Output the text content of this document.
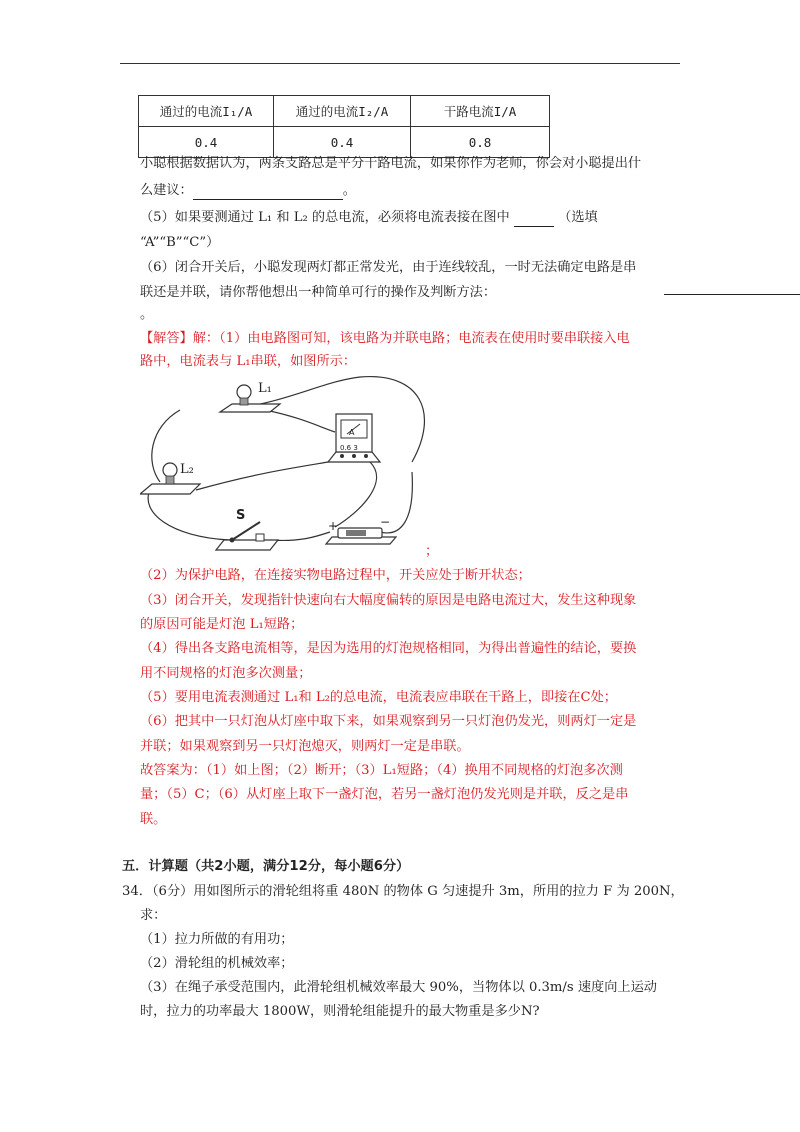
通过的电流I₁/A	通过的电流I₂/A	干路电流I/A
0.4	0.4	0.8
小聪根据数据认为，两条支路总是平分干路电流，如果你作为老师，你会对小聪提出什
么建议：	。
（5）如果要测通过 L₁ 和 L₂ 的总电流，必须将电流表接在图中	（选填
“A”“B”“C”）
（6）闭合开关后，小聪发现两灯都正常发光，由于连线较乱，一时无法确定电路是串
联还是并联，请你帮他想出一种简单可行的操作及判断方法：
。
【解答】解：（1）由电路图可知，该电路为并联电路；电流表在使用时要串联接入电
路中，电流表与 L₁串联，如图所示：
L₁
L₂
A
0.6 3
S
+	−
；
（2）为保护电路，在连接实物电路过程中，开关应处于断开状态；
（3）闭合开关，发现指针快速向右大幅度偏转的原因是电路电流过大，发生这种现象
的原因可能是灯泡 L₁短路；
（4）得出各支路电流相等，是因为选用的灯泡规格相同，为得出普遍性的结论，要换
用不同规格的灯泡多次测量；
（5）要用电流表测通过 L₁和 L₂的总电流，电流表应串联在干路上，即接在C处；
（6）把其中一只灯泡从灯座中取下来，如果观察到另一只灯泡仍发光，则两灯一定是
并联；如果观察到另一只灯泡熄灭，则两灯一定是串联。
故答案为：（1）如上图；（2）断开；（3）L₁短路；（4）换用不同规格的灯泡多次测
量；（5）C；（6）从灯座上取下一盏灯泡，若另一盏灯泡仍发光则是并联，反之是串
联。
五．计算题（共2小题，满分12分，每小题6分）
34．（6分）用如图所示的滑轮组将重 480N 的物体 G 匀速提升 3m，所用的拉力 F 为 200N，
求：
（1）拉力所做的有用功；
（2）滑轮组的机械效率；
（3）在绳子承受范围内，此滑轮组机械效率最大 90%，当物体以 0.3m/s 速度向上运动
时，拉力的功率最大 1800W，则滑轮组能提升的最大物重是多少N?
